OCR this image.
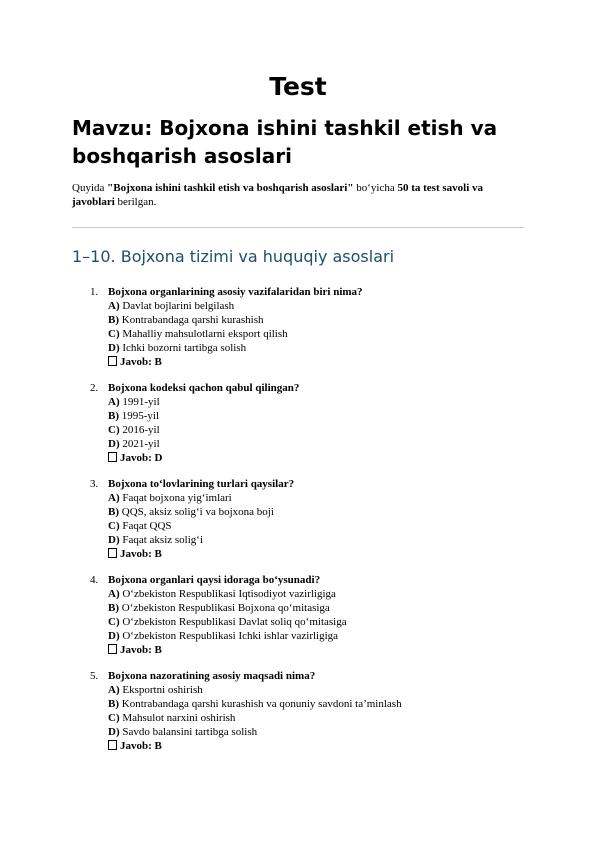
Test
Mavzu: Bojxona ishini tashkil etish va boshqarish asoslari

Quyida "Bojxona ishini tashkil etish va boshqarish asoslari" bo‘yicha 50 ta test savoli va javoblari berilgan.

1–10. Bojxona tizimi va huquqiy asoslari
1. Bojxona organlarining asosiy vazifalaridan biri nima?
A) Davlat bojlarini belgilash
B) Kontrabandaga qarshi kurashish
C) Mahalliy mahsulotlarni eksport qilish
D) Ichki bozorni tartibga solish
Javob: B
2. Bojxona kodeksi qachon qabul qilingan?
A) 1991-yil
B) 1995-yil
C) 2016-yil
D) 2021-yil
Javob: D
3. Bojxona to‘lovlarining turlari qaysilar?
A) Faqat bojxona yig‘imlari
B) QQS, aksiz solig‘i va bojxona boji
C) Faqat QQS
D) Faqat aksiz solig‘i
Javob: B
4. Bojxona organlari qaysi idoraga bo‘ysunadi?
A) O‘zbekiston Respublikasi Iqtisodiyot vazirligiga
B) O‘zbekiston Respublikasi Bojxona qo‘mitasiga
C) O‘zbekiston Respublikasi Davlat soliq qo‘mitasiga
D) O‘zbekiston Respublikasi Ichki ishlar vazirligiga
Javob: B
5. Bojxona nazoratining asosiy maqsadi nima?
A) Eksportni oshirish
B) Kontrabandaga qarshi kurashish va qonuniy savdoni ta’minlash
C) Mahsulot narxini oshirish
D) Savdo balansini tartibga solish
Javob: B
